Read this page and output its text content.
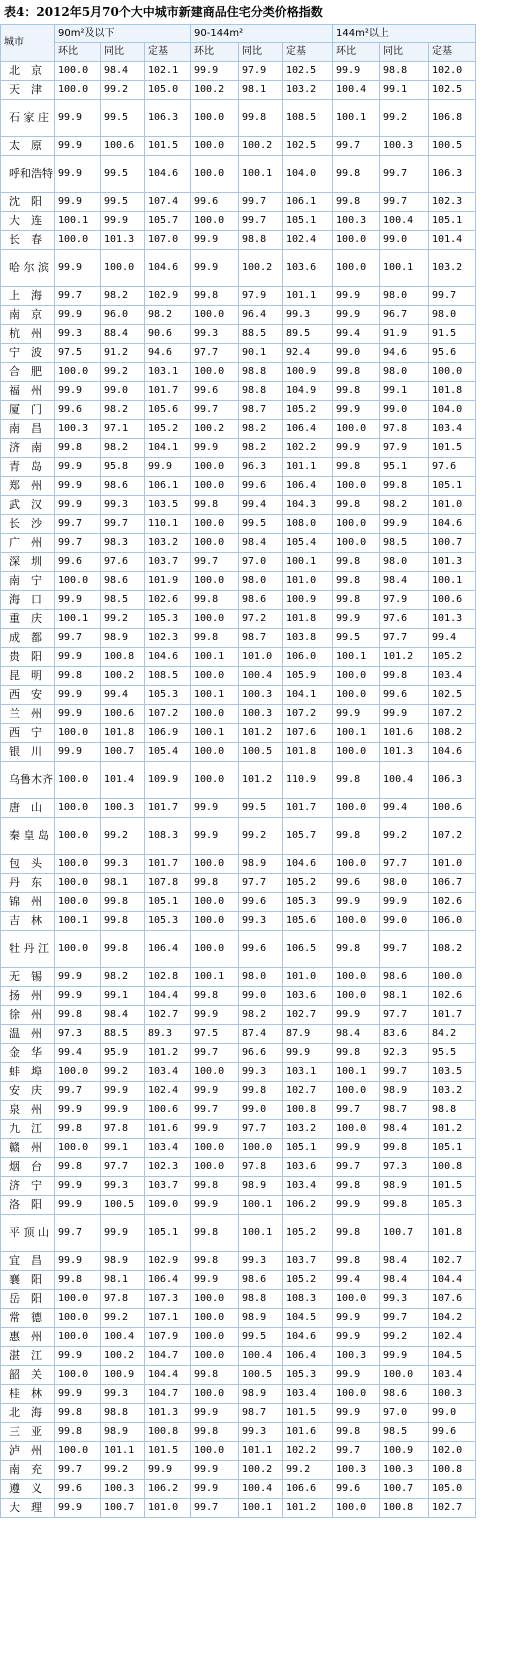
表4：2012年5月70个大中城市新建商品住宅分类价格指数
城市	90m²及以下			90-144m²			144m²以上		
	环比	同比	定基	环比	同比	定基	环比	同比	定基
北　京	100.0	98.4	102.1	99.9	97.9	102.5	99.9	98.8	102.0
天　津	100.0	99.2	105.0	100.2	98.1	103.2	100.4	99.1	102.5
石 家 庄	99.9	99.5	106.3	100.0	99.8	108.5	100.1	99.2	106.8
太　原	99.9	100.6	101.5	100.0	100.2	102.5	99.7	100.3	100.5
呼和浩特	99.9	99.5	104.6	100.0	100.1	104.0	99.8	99.7	106.3
沈　阳	99.9	99.5	107.4	99.6	99.7	106.1	99.8	99.7	102.3
大　连	100.1	99.9	105.7	100.0	99.7	105.1	100.3	100.4	105.1
长　春	100.0	101.3	107.0	99.9	98.8	102.4	100.0	99.0	101.4
哈 尔 滨	99.9	100.0	104.6	99.9	100.2	103.6	100.0	100.1	103.2
上　海	99.7	98.2	102.9	99.8	97.9	101.1	99.9	98.0	99.7
南　京	99.9	96.0	98.2	100.0	96.4	99.3	99.9	96.7	98.0
杭　州	99.3	88.4	90.6	99.3	88.5	89.5	99.4	91.9	91.5
宁　波	97.5	91.2	94.6	97.7	90.1	92.4	99.0	94.6	95.6
合　肥	100.0	99.2	103.1	100.0	98.8	100.9	99.8	98.0	100.0
福　州	99.9	99.0	101.7	99.6	98.8	104.9	99.8	99.1	101.8
厦　门	99.6	98.2	105.6	99.7	98.7	105.2	99.9	99.0	104.0
南　昌	100.3	97.1	105.2	100.2	98.2	106.4	100.0	97.8	103.4
济　南	99.8	98.2	104.1	99.9	98.2	102.2	99.9	97.9	101.5
青　岛	99.9	95.8	99.9	100.0	96.3	101.1	99.8	95.1	97.6
郑　州	99.9	98.6	106.1	100.0	99.6	106.4	100.0	99.8	105.1
武　汉	99.9	99.3	103.5	99.8	99.4	104.3	99.8	98.2	101.0
长　沙	99.7	99.7	110.1	100.0	99.5	108.0	100.0	99.9	104.6
广　州	99.7	98.3	103.2	100.0	98.4	105.4	100.0	98.5	100.7
深　圳	99.6	97.6	103.7	99.7	97.0	100.1	99.8	98.0	101.3
南　宁	100.0	98.6	101.9	100.0	98.0	101.0	99.8	98.4	100.1
海　口	99.9	98.5	102.6	99.8	98.6	100.9	99.8	97.9	100.6
重　庆	100.1	99.2	105.3	100.0	97.2	101.8	99.9	97.6	101.3
成　都	99.7	98.9	102.3	99.8	98.7	103.8	99.5	97.7	99.4
贵　阳	99.9	100.8	104.6	100.1	101.0	106.0	100.1	101.2	105.2
昆　明	99.8	100.2	108.5	100.0	100.4	105.9	100.0	99.8	103.4
西　安	99.9	99.4	105.3	100.1	100.3	104.1	100.0	99.6	102.5
兰　州	99.9	100.6	107.2	100.0	100.3	107.2	99.9	99.9	107.2
西　宁	100.0	101.8	106.9	100.1	101.2	107.6	100.1	101.6	108.2
银　川	99.9	100.7	105.4	100.0	100.5	101.8	100.0	101.3	104.6
乌鲁木齐	100.0	101.4	109.9	100.0	101.2	110.9	99.8	100.4	106.3
唐　山	100.0	100.3	101.7	99.9	99.5	101.7	100.0	99.4	100.6
秦 皇 岛	100.0	99.2	108.3	99.9	99.2	105.7	99.8	99.2	107.2
包　头	100.0	99.3	101.7	100.0	98.9	104.6	100.0	97.7	101.0
丹　东	100.0	98.1	107.8	99.8	97.7	105.2	99.6	98.0	106.7
锦　州	100.0	99.8	105.1	100.0	99.6	105.3	99.9	99.9	102.6
吉　林	100.1	99.8	105.3	100.0	99.3	105.6	100.0	99.0	106.0
牡 丹 江	100.0	99.8	106.4	100.0	99.6	106.5	99.8	99.7	108.2
无　锡	99.9	98.2	102.8	100.1	98.0	101.0	100.0	98.6	100.0
扬　州	99.9	99.1	104.4	99.8	99.0	103.6	100.0	98.1	102.6
徐　州	99.8	98.4	102.7	99.9	98.2	102.7	99.9	97.7	101.7
温　州	97.3	88.5	89.3	97.5	87.4	87.9	98.4	83.6	84.2
金　华	99.4	95.9	101.2	99.7	96.6	99.9	99.8	92.3	95.5
蚌　埠	100.0	99.2	103.4	100.0	99.3	103.1	100.1	99.7	103.5
安　庆	99.7	99.9	102.4	99.9	99.8	102.7	100.0	98.9	103.2
泉　州	99.9	99.9	100.6	99.7	99.0	100.8	99.7	98.7	98.8
九　江	99.8	97.8	101.6	99.9	97.7	103.2	100.0	98.4	101.2
赣　州	100.0	99.1	103.4	100.0	100.0	105.1	99.9	99.8	105.1
烟　台	99.8	97.7	102.3	100.0	97.8	103.6	99.7	97.3	100.8
济　宁	99.9	99.3	103.7	99.8	98.9	103.4	99.8	98.9	101.5
洛　阳	99.9	100.5	109.0	99.9	100.1	106.2	99.9	99.8	105.3
平 顶 山	99.7	99.9	105.1	99.8	100.1	105.2	99.8	100.7	101.8
宜　昌	99.9	98.9	102.9	99.8	99.3	103.7	99.8	98.4	102.7
襄　阳	99.8	98.1	106.4	99.9	98.6	105.2	99.4	98.4	104.4
岳　阳	100.0	97.8	107.3	100.0	98.8	108.3	100.0	99.3	107.6
常　德	100.0	99.2	107.1	100.0	98.9	104.5	99.9	99.7	104.2
惠　州	100.0	100.4	107.9	100.0	99.5	104.6	99.9	99.2	102.4
湛　江	99.9	100.2	104.7	100.0	100.4	106.4	100.3	99.9	104.5
韶　关	100.0	100.9	104.4	99.8	100.5	105.3	99.9	100.0	103.4
桂　林	99.9	99.3	104.7	100.0	98.9	103.4	100.0	98.6	100.3
北　海	99.8	98.8	101.3	99.9	98.7	101.5	99.9	97.0	99.0
三　亚	99.8	98.9	100.8	99.8	99.3	101.6	99.8	98.5	99.6
泸　州	100.0	101.1	101.5	100.0	101.1	102.2	99.7	100.9	102.0
南　充	99.7	99.2	99.9	99.9	100.2	99.2	100.3	100.3	100.8
遵　义	99.6	100.3	106.2	99.9	100.4	106.6	99.6	100.7	105.0
大　理	99.9	100.7	101.0	99.7	100.1	101.2	100.0	100.8	102.7
